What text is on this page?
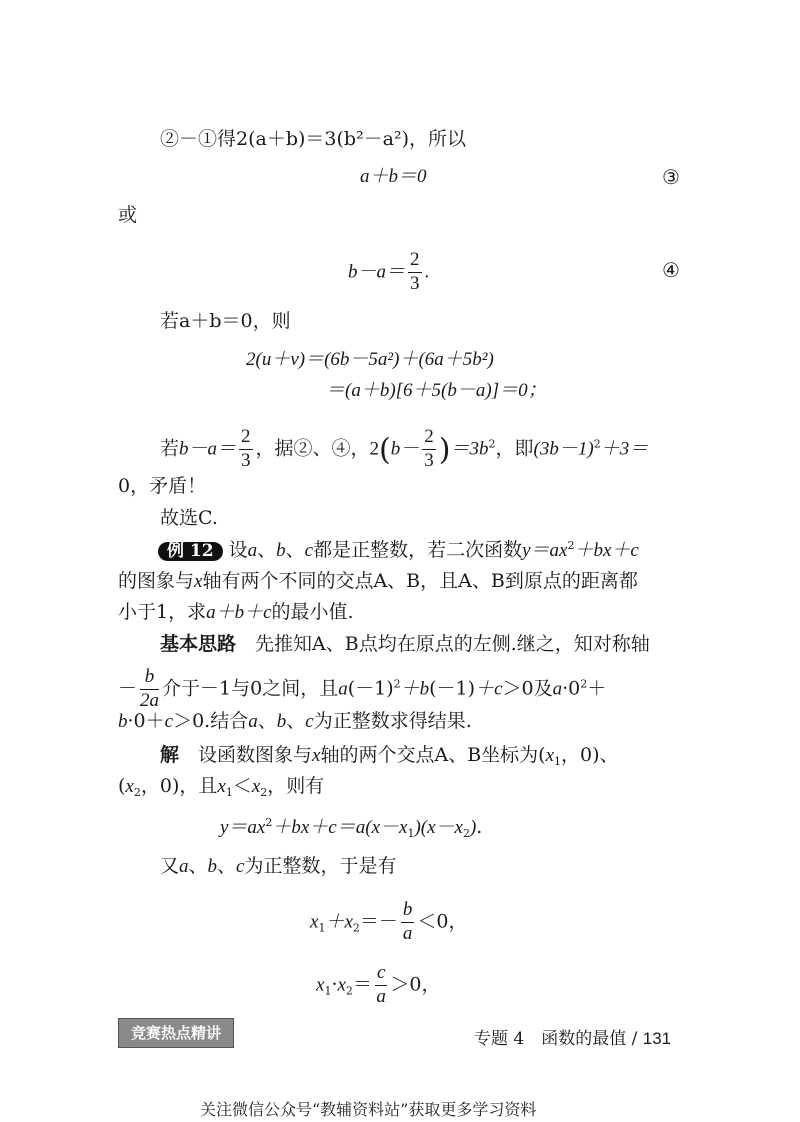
②－①得2(a＋b)＝3(b²－a²)，所以
a＋b＝0	③
或
$b-a= \frac{2}{3}$ .	④
若a＋b＝0，则
2(u＋v)＝(6b－5a²)＋(6a＋5b²)
＝(a＋b)[6＋5(b－a)]＝0；
若$b-a= \frac{2}{3}$ ，据②、④，$2(b- \frac{2}{3} )=3b^2$，即$(3b-1)^2+3=$
0，矛盾！
故选C.
例 12 设a、b、c都是正整数，若二次函数$y=ax^2+bx+c$
的图象与x轴有两个不同的交点A、B，且A、B到原点的距离都
小于1，求a＋b＋c的最小值.
基本思路　先推知A、B点均在原点的左侧.继之，知对称轴
－ $\frac{b}{2a}$ 介于－1与0之间，且$a(-1)^2+b(-1)+c>0$及$a\cdot 0^2+$
b·0＋c＞0.结合a、b、c为正整数求得结果.
解　设函数图象与x轴的两个交点A、B坐标为($x_1$，0)、
($x_2$，0)，且$x_1<x_2$，则有
$y=ax^2+bx+c=a(x-x_1)(x-x_2)$.
又a、b、c为正整数，于是有
$x_1+x_2=- \frac{b}{a} <0$，
$x_1\cdot x_2= \frac{c}{a} >0$，
竞赛热点精讲	专题 4　函数的最值 / 131
关注微信公众号“教辅资料站”获取更多学习资料
